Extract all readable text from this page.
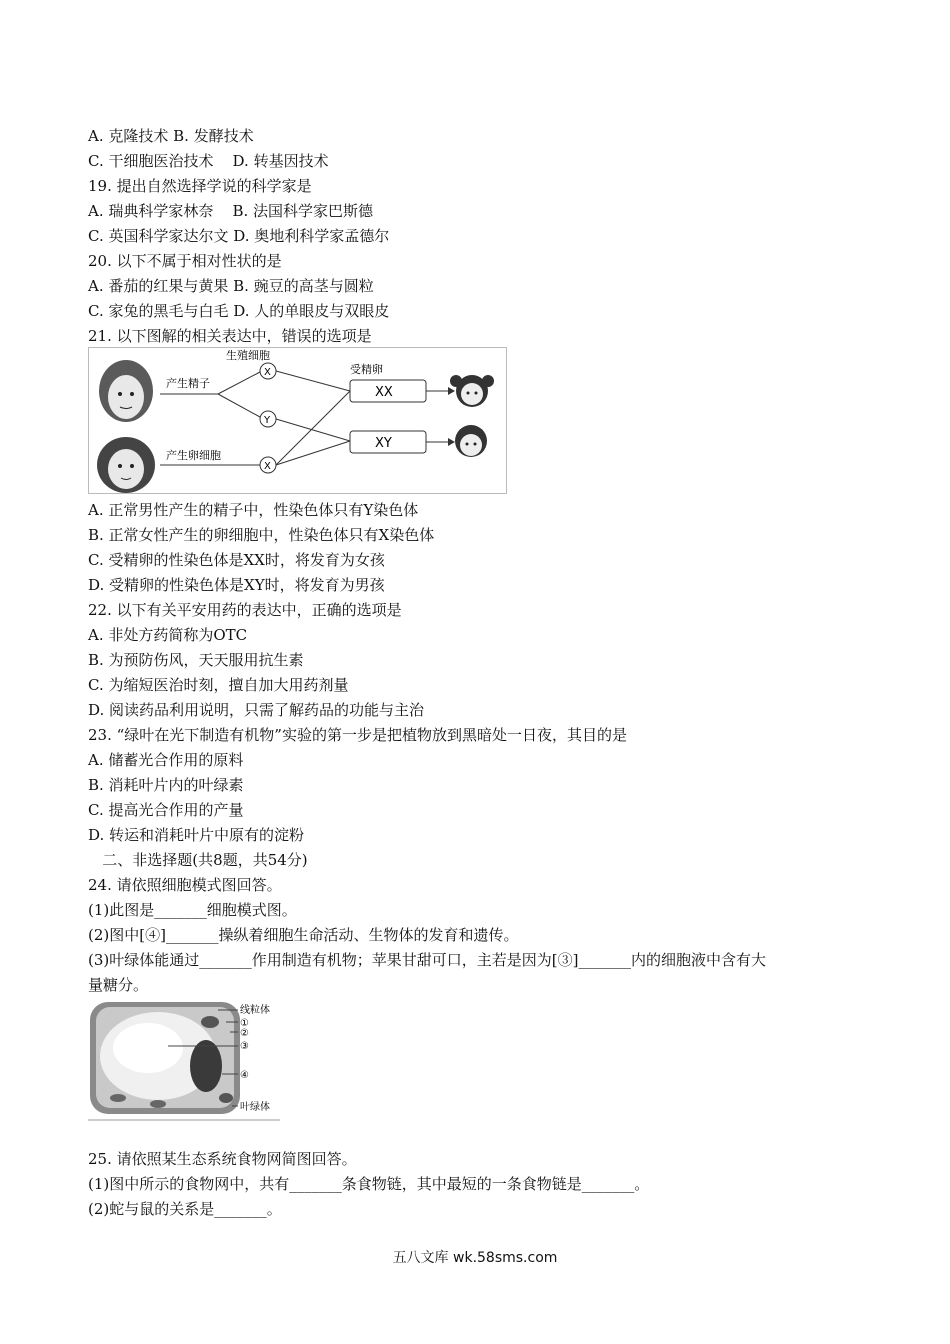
A. 克隆技术 B. 发酵技术
C. 干细胞医治技术    D. 转基因技术
19. 提出自然选择学说的科学家是
A. 瑞典科学家林奈    B. 法国科学家巴斯德
C. 英国科学家达尔文 D. 奥地利科学家孟德尔
20. 以下不属于相对性状的是
A. 番茄的红果与黄果 B. 豌豆的高茎与圆粒
C. 家兔的黑毛与白毛 D. 人的单眼皮与双眼皮
21. 以下图解的相关表达中，错误的选项是
生殖细胞
产生精子
产生卵细胞
受精卵
X
Y
X
XX
XY
A. 正常男性产生的精子中，性染色体只有Y染色体
B. 正常女性产生的卵细胞中，性染色体只有X染色体
C. 受精卵的性染色体是XX时，将发育为女孩
D. 受精卵的性染色体是XY时，将发育为男孩
22. 以下有关平安用药的表达中，正确的选项是
A. 非处方药简称为OTC
B. 为预防伤风，天天服用抗生素
C. 为缩短医治时刻，擅自加大用药剂量
D. 阅读药品利用说明，只需了解药品的功能与主治
23. “绿叶在光下制造有机物”实验的第一步是把植物放到黑暗处一日夜，其目的是
A. 储蓄光合作用的原料
B. 消耗叶片内的叶绿素
C. 提高光合作用的产量
D. 转运和消耗叶片中原有的淀粉
二、非选择题(共8题，共54分)
24. 请依照细胞模式图回答。
(1)此图是_______细胞模式图。
(2)图中[④]_______操纵着细胞生命活动、生物体的发育和遗传。
(3)叶绿体能通过_______作用制造有机物；苹果甘甜可口，主若是因为[③]_______内的细胞液中含有大
量糖分。
线粒体
①
②
③
④
叶绿体
25. 请依照某生态系统食物网简图回答。
(1)图中所示的食物网中，共有_______条食物链，其中最短的一条食物链是_______。
(2)蛇与鼠的关系是_______。
五八文库 wk.58sms.com
